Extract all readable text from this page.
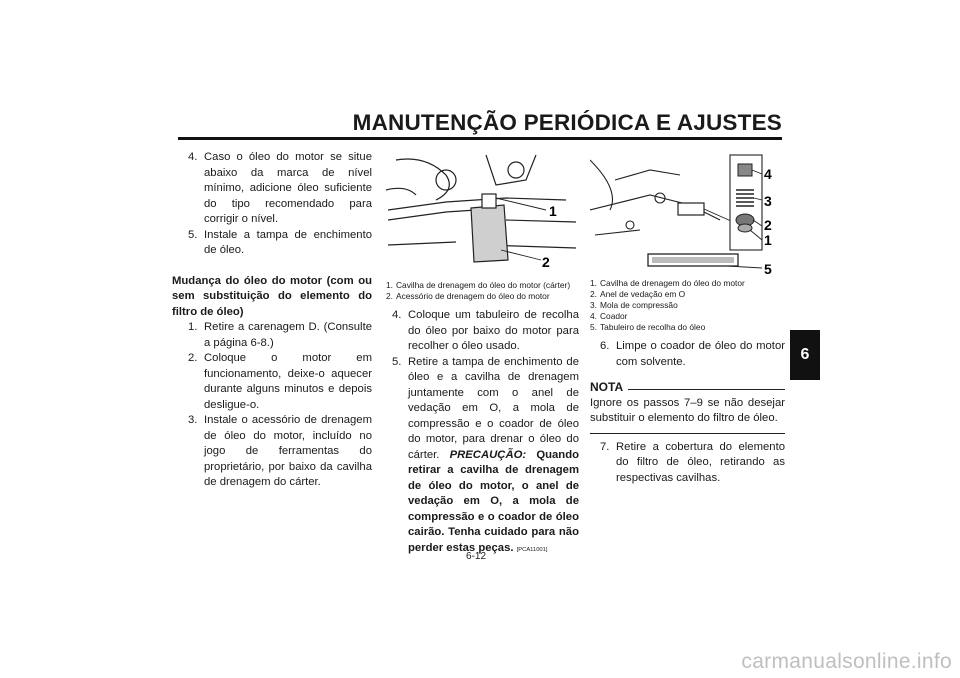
MANUTENÇÃO PERIÓDICA E AJUSTES
6
4. Caso o óleo do motor se situe abaixo da marca de nível mínimo, adicione óleo suficiente do tipo recomendado para corrigir o nível.
5. Instale a tampa de enchimento de óleo.
Mudança do óleo do motor (com ou sem substituição do elemento do filtro de óleo)
1. Retire a carenagem D. (Consulte a página 6-8.)
2. Coloque o motor em funcionamento, deixe-o aquecer durante alguns minutos e depois desligue-o.
3. Instale o acessório de drenagem de óleo do motor, incluído no jogo de ferramentas do proprietário, por baixo da cavilha de drenagem do cárter.
1
2
1. Cavilha de drenagem do óleo do motor (cárter)
2. Acessório de drenagem do óleo do motor
4. Coloque um tabuleiro de recolha do óleo por baixo do motor para recolher o óleo usado.
5. Retire a tampa de enchimento de óleo e a cavilha de drenagem juntamente com o anel de vedação em O, a mola de compressão e o coador de óleo do motor, para drenar o óleo do cárter. PRECAUÇÃO: Quando retirar a cavilha de drenagem de óleo do motor, o anel de vedação em O, a mola de compressão e o coador de óleo cairão. Tenha cuidado para não perder estas peças. [PCA11001]
4
3
2
1
5
1. Cavilha de drenagem do óleo do motor
2. Anel de vedação em O
3. Mola de compressão
4. Coador
5. Tabuleiro de recolha do óleo
6. Limpe o coador de óleo do motor com solvente.
NOTA
Ignore os passos 7–9 se não desejar substituir o elemento do filtro de óleo.
7. Retire a cobertura do elemento do filtro de óleo, retirando as respectivas cavilhas.
6-12
carmanualsonline.info
